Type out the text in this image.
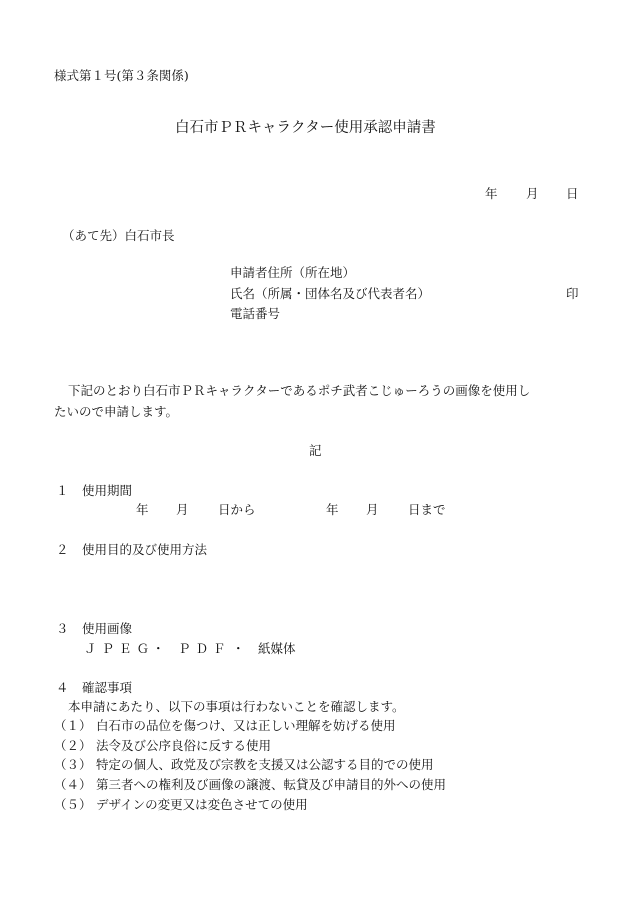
様式第１号(第３条関係)
白石市ＰＲキャラクター使用承認申請書
年 月 日
（あて先）白石市長
申請者住所（所在地）
氏名（所属・団体名及び代表者名）	印
電話番号
下記のとおり白石市ＰＲキャラクターであるポチ武者こじゅーろうの画像を使用し
たいので申請します。
記
１ 使用期間
年 月 日から	年 月 日まで
２ 使用目的及び使用方法
３ 使用画像
ＪＰＥＧ
・ ＰＤＦ ・ 紙媒体
４ 確認事項
本申請にあたり、以下の事項は行わないことを確認します。
（１） 白石市の品位を傷つけ、又は正しい理解を妨げる使用
（２） 法令及び公序良俗に反する使用
（３） 特定の個人、政党及び宗教を支援又は公認する目的での使用
（４） 第三者への権利及び画像の譲渡、転貸及び申請目的外への使用
（５） デザインの変更又は変色させての使用
